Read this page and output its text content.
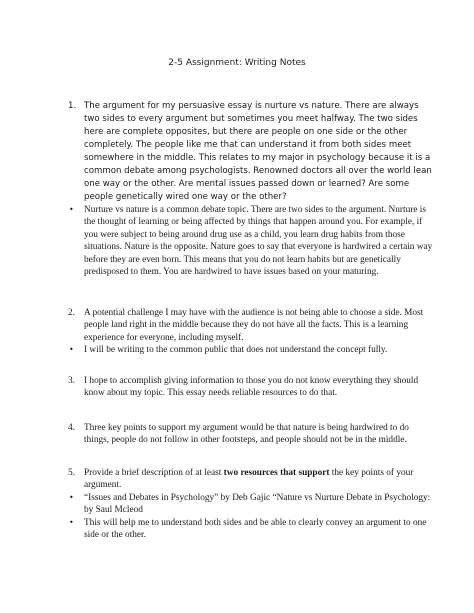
2-5 Assignment: Writing Notes
1. The argument for my persuasive essay is nurture vs nature. There are always two sides to every argument but sometimes you meet halfway. The two sides here are complete opposites, but there are people on one side or the other completely. The people like me that can understand it from both sides meet somewhere in the middle. This relates to my major in psychology because it is a common debate among psychologists. Renowned doctors all over the world lean one way or the other. Are mental issues passed down or learned? Are some people genetically wired one way or the other?
• Nurture vs nature is a common debate topic. There are two sides to the argument. Nurture is the thought of learning or being affected by things that happen around you. For example, if you were subject to being around drug use as a child, you learn drug habits from those situations. Nature is the opposite. Nature goes to say that everyone is hardwired a certain way before they are even born. This means that you do not learn habits but are genetically predisposed to them. You are hardwired to have issues based on your maturing.
2. A potential challenge I may have with the audience is not being able to choose a side. Most people land right in the middle because they do not have all the facts. This is a learning experience for everyone, including myself.
• I will be writing to the common public that does not understand the concept fully.
3. I hope to accomplish giving information to those you do not know everything they should know about my topic. This essay needs reliable resources to do that.
4. Three key points to support my argument would be that nature is being hardwired to do things, people do not follow in other footsteps, and people should not be in the middle.
5. Provide a brief description of at least two resources that support the key points of your argument.
• “Issues and Debates in Psychology” by Deb Gajic “Nature vs Nurture Debate in Psychology: by Saul Mcleod
• This will help me to understand both sides and be able to clearly convey an argument to one side or the other.
